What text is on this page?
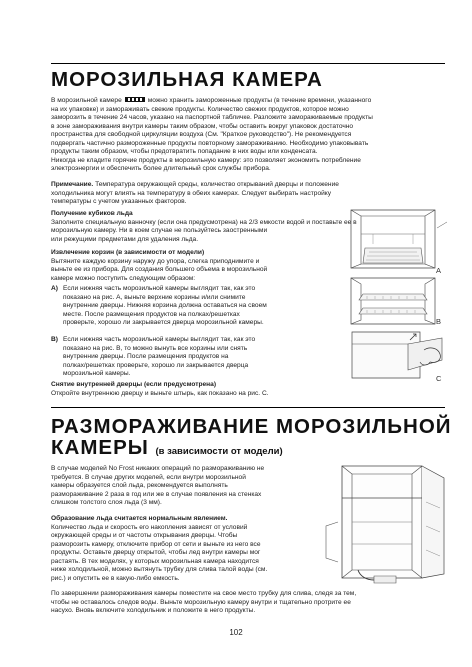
МОРОЗИЛЬНАЯ КАМЕРА
В морозильной камере	можно хранить замороженные продукты (в течение времени, указанного
на их упаковке) и замораживать свежие продукты. Количество свежих продуктов, которое можно
заморозить в течение 24 часов, указано на паспортной табличке. Разложите замораживаемые продукты
в зоне замораживания внутри камеры таким образом, чтобы оставить вокруг упаковок достаточно
пространства для свободной циркуляции воздуха (См. "Краткое руководство"). Не рекомендуется
подвергать частично размороженные продукты повторному замораживанию. Необходимо упаковывать
продукты таким образом, чтобы предотвратить попадание в них воды или конденсата.
Никогда не кладите горячие продукты в морозильную камеру: это позволяет экономить потребление
электроэнергии и обеспечить более длительный срок службы прибора.
Примечание. Температура окружающей среды, количество открываний дверцы и положение
холодильника могут влиять на температуру в обеих камерах. Следует выбирать настройку
температуры с учетом указанных факторов.
Получение кубиков льда
Заполните специальную ванночку (если она предусмотрена) на 2/3 емкости водой и поставьте ее в
морозильную камеру. Ни в коем случае не пользуйтесь заостренными
или режущими предметами для удаления льда.
Извлечение корзин (в зависимости от модели)
Вытяните каждую корзину наружу до упора, слегка приподнимите и
выньте ее из прибора. Для создания большего объема в морозильной
камере можно поступить следующим образом:
A) Если нижняя часть морозильной камеры выглядит так, как это
показано на рис. A, выньте верхние корзины и/или снимите
внутренние дверцы. Нижняя корзина должна оставаться на своем
месте. После размещения продуктов на полках/решетках
проверьте, хорошо ли закрывается дверца морозильной камеры.
B) Если нижняя часть морозильной камеры выглядит так, как это
показано на рис. B, то можно вынуть все корзины или снять
внутренние дверцы. После размещения продуктов на
полках/решетках проверьте, хорошо ли закрывается дверца
морозильной камеры.
Снятие внутренней дверцы (если предусмотрена)
Откройте внутреннюю дверцу и выньте штырь, как показано на рис. C.
A
B
C
РАЗМОРАЖИВАНИЕ МОРОЗИЛЬНОЙ
КАМЕРЫ (в зависимости от модели)
В случае моделей No Frost никаких операций по размораживанию не
требуется. В случае других моделей, если внутри морозильной
камеры образуется слой льда, рекомендуется выполнять
размораживание 2 раза в год или же в случае появления на стенках
слишком толстого слоя льда (3 мм).
Образование льда считается нормальным явлением.
Количество льда и скорость его накопления зависят от условий
окружающей среды и от частоты открывания дверцы. Чтобы
разморозить камеру, отключите прибор от сети и выньте из него все
продукты. Оставьте дверцу открытой, чтобы лед внутри камеры мог
растаять. В тех моделях, у которых морозильная камера находится
ниже холодильной, можно вытянуть трубку для слива талой воды (см.
рис.) и опустить ее в какую-либо емкость.
По завершении размораживания камеры поместите на свое место трубку для слива, следя за тем,
чтобы не оставалось следов воды. Выньте морозильную камеру внутри и тщательно протрите ее
насухо. Вновь включите холодильник и положите в него продукты.
102
